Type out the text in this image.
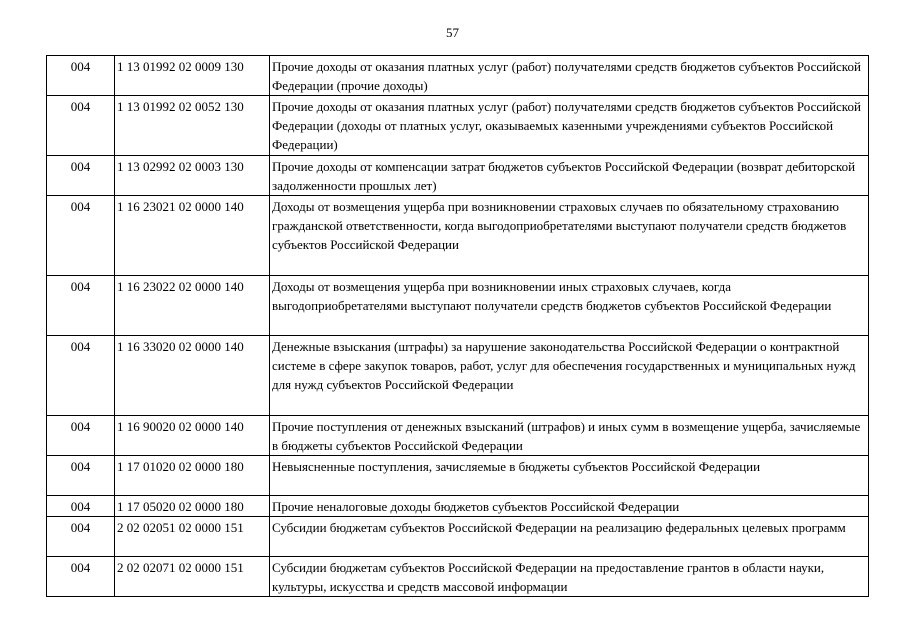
57
004	1 13 01992 02 0009 130	Прочие доходы от оказания платных услуг (работ) получателями средств бюджетов субъектов Российской Федерации (прочие доходы)
004	1 13 01992 02 0052 130	Прочие доходы от оказания платных услуг (работ) получателями средств бюджетов субъектов Российской Федерации (доходы от платных услуг, оказываемых казенными учреждениями субъектов Российской Федерации)
004	1 13 02992 02 0003 130	Прочие доходы от компенсации затрат бюджетов субъектов Российской Федерации (возврат дебиторской задолженности прошлых лет)
004	1 16 23021 02 0000 140	Доходы от возмещения ущерба при возникновении страховых случаев по обязательному страхованию гражданской ответственности, когда выгодоприобретателями выступают получатели средств бюджетов субъектов Российской Федерации
004	1 16 23022 02 0000 140	Доходы от возмещения ущерба при возникновении иных страховых случаев, когда выгодоприобретателями выступают получатели средств бюджетов субъектов Российской Федерации
004	1 16 33020 02 0000 140	Денежные взыскания (штрафы) за нарушение законодательства Российской Федерации о контрактной системе в сфере закупок товаров, работ, услуг для обеспечения государственных и муниципальных нужд для нужд субъектов Российской Федерации
004	1 16 90020 02 0000 140	Прочие поступления от денежных взысканий (штрафов) и иных сумм в возмещение ущерба, зачисляемые в бюджеты субъектов Российской Федерации
004	1 17 01020 02 0000 180	Невыясненные поступления, зачисляемые в бюджеты субъектов Российской Федерации
004	1 17 05020 02 0000 180	Прочие неналоговые доходы бюджетов субъектов Российской Федерации
004	2 02 02051 02 0000 151	Субсидии бюджетам субъектов Российской Федерации на реализацию федеральных целевых программ
004	2 02 02071 02 0000 151	Субсидии бюджетам субъектов Российской Федерации на предоставление грантов в области науки, культуры, искусства и средств массовой информации
